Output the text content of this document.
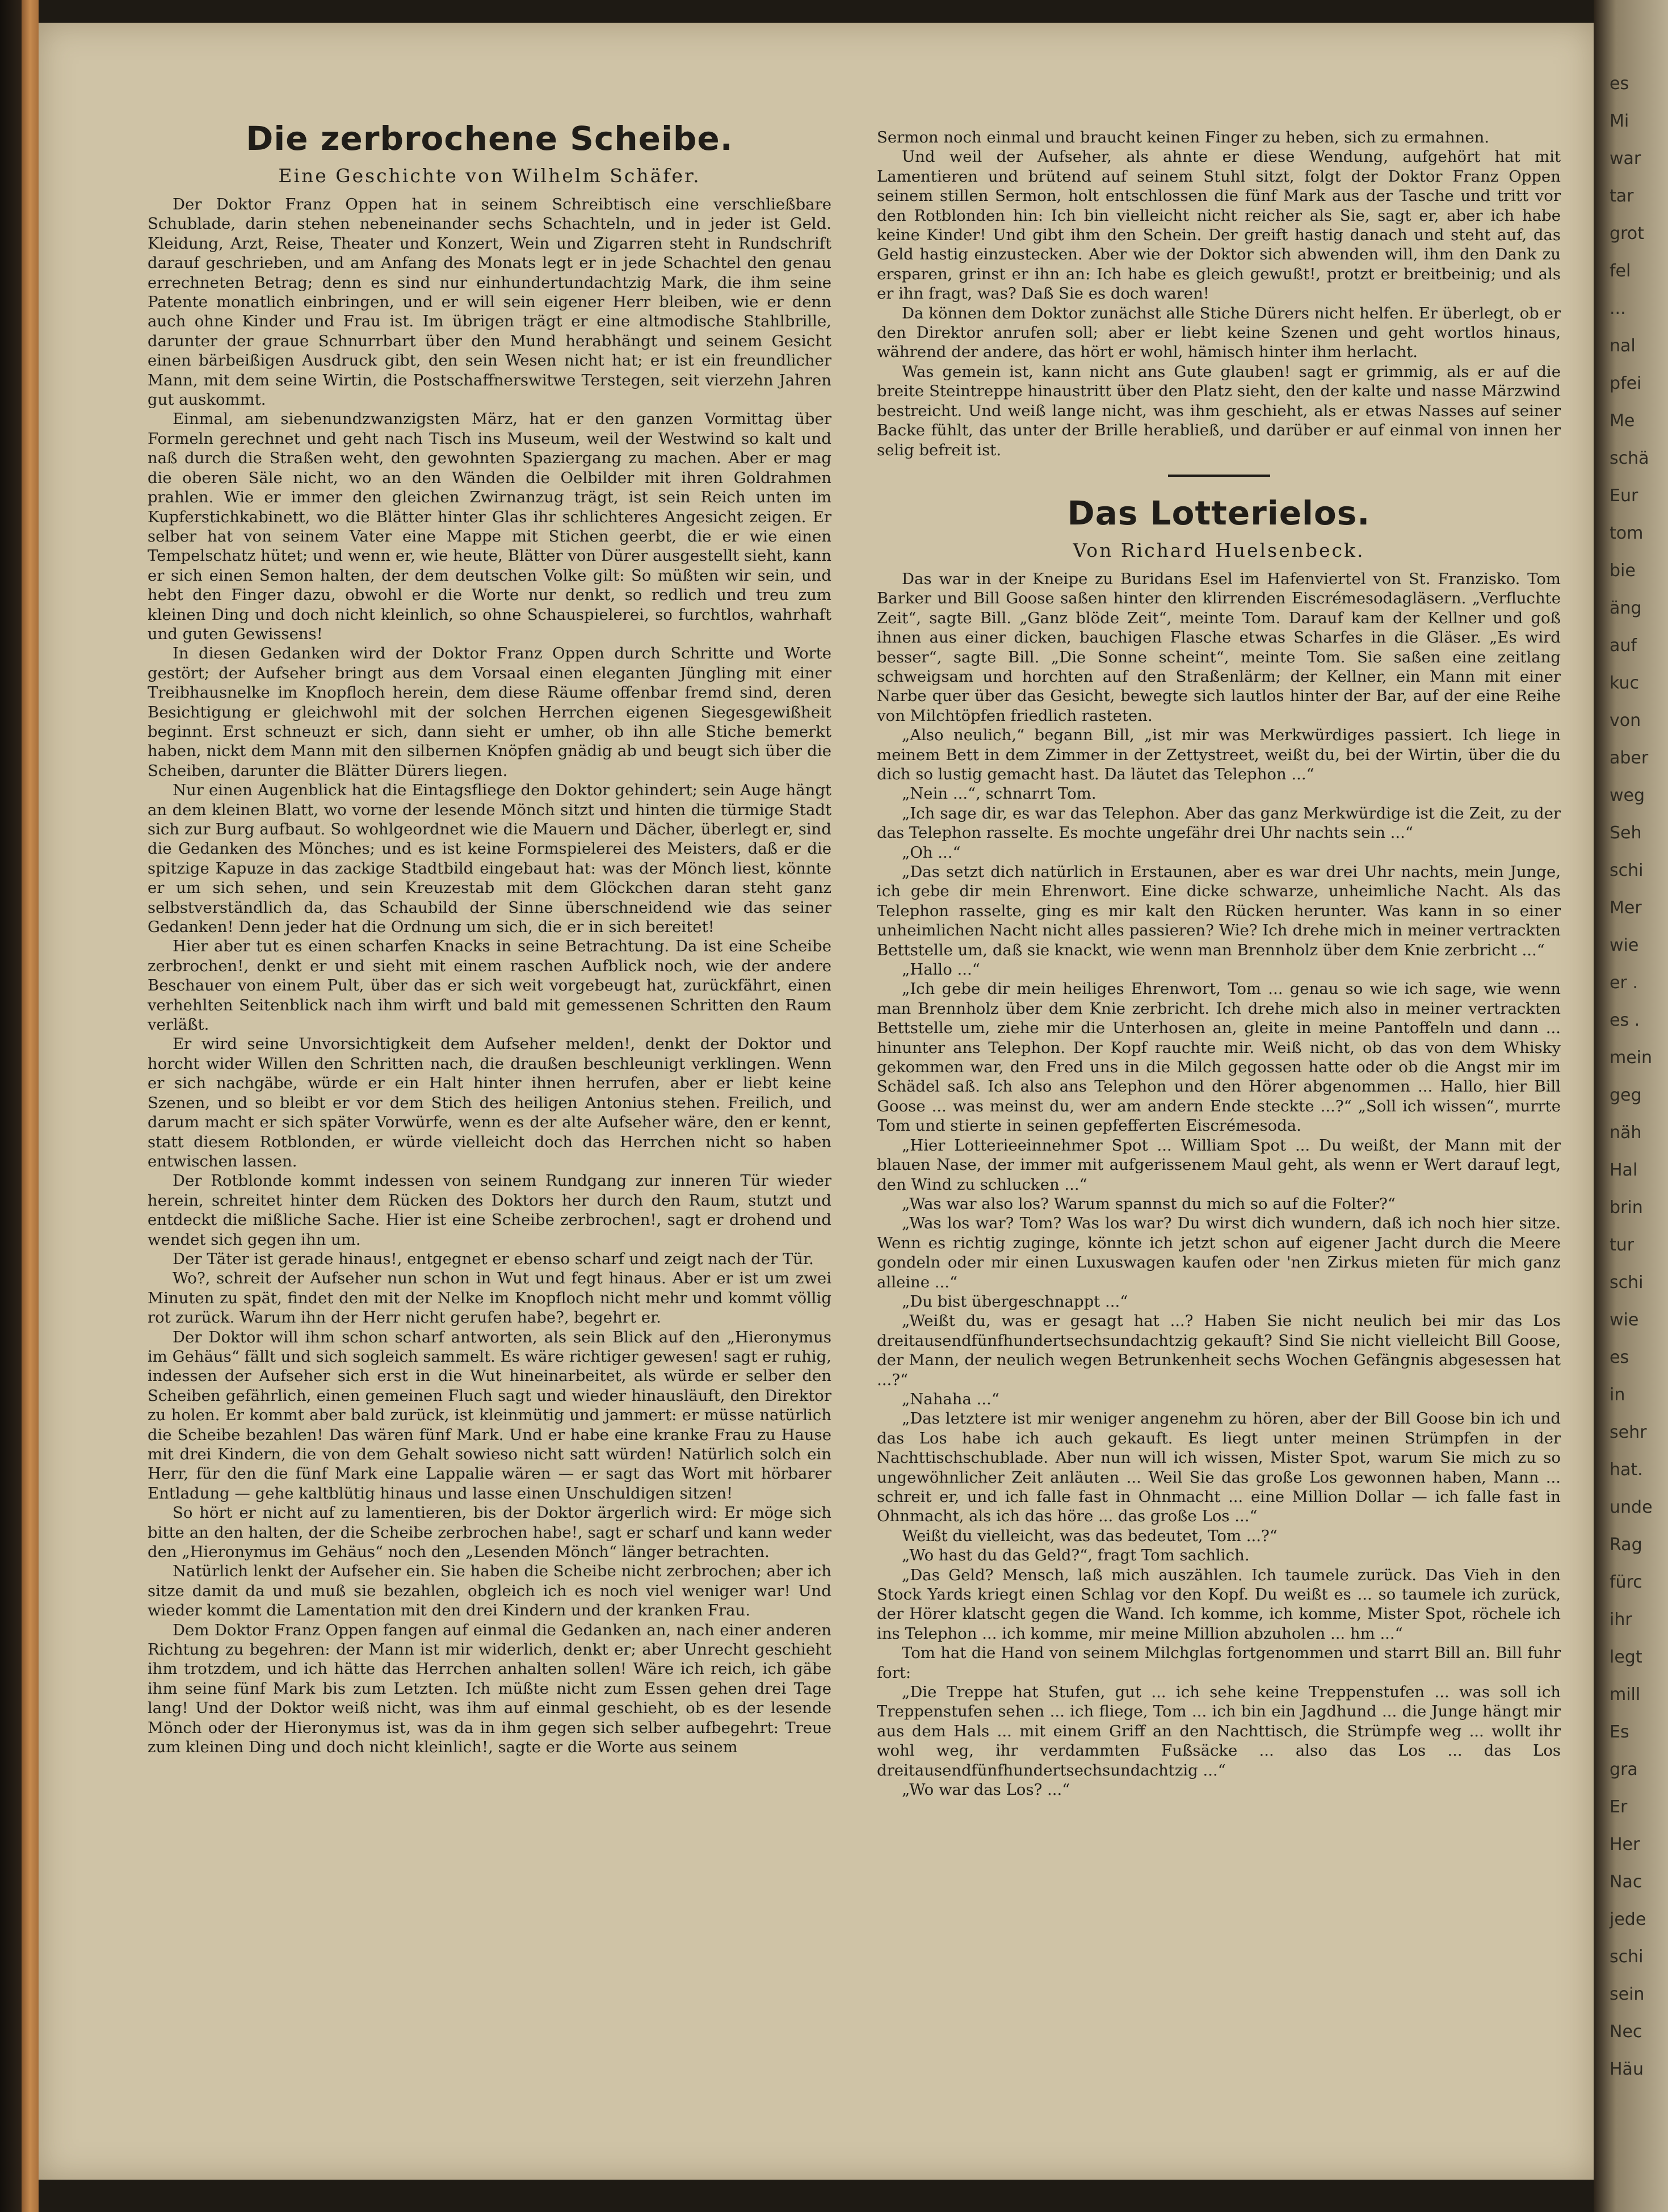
es
Mi
war
tar
grot
fel
...
nal
pfei
Me
schä
Eur
tom
bie
äng
auf
kuc
von
aber
weg
Seh
schi
Mer
wie
er .
es .
mein
geg
näh
Hal
brin
tur
schi
wie
es
in
sehr
hat.
unde
Rag
fürc
ihr
legt
mill
Es
gra
Er
Her
Nac
jede
schi
sein
Nec
Häu
Die zerbrochene Scheibe.
Eine Geschichte von Wilhelm Schäfer.

Der Doktor Franz Oppen hat in seinem Schreibtisch eine verschließbare Schublade, darin stehen nebeneinander sechs Schachteln, und in jeder ist Geld. Kleidung, Arzt, Reise, Theater und Konzert, Wein und Zigarren steht in Rundschrift darauf geschrieben, und am Anfang des Monats legt er in jede Schachtel den genau errechneten Betrag; denn es sind nur einhundertundachtzig Mark, die ihm seine Patente monatlich einbringen, und er will sein eigener Herr bleiben, wie er denn auch ohne Kinder und Frau ist. Im übrigen trägt er eine altmodische Stahlbrille, darunter der graue Schnurrbart über den Mund herabhängt und seinem Gesicht einen bärbeißigen Ausdruck gibt, den sein Wesen nicht hat; er ist ein freundlicher Mann, mit dem seine Wirtin, die Postschaffnerswitwe Terstegen, seit vierzehn Jahren gut auskommt.

Einmal, am siebenundzwanzigsten März, hat er den ganzen Vormittag über Formeln gerechnet und geht nach Tisch ins Museum, weil der Westwind so kalt und naß durch die Straßen weht, den gewohnten Spaziergang zu machen. Aber er mag die oberen Säle nicht, wo an den Wänden die Oelbilder mit ihren Goldrahmen prahlen. Wie er immer den gleichen Zwirnanzug trägt, ist sein Reich unten im Kupferstichkabinett, wo die Blätter hinter Glas ihr schlichteres Angesicht zeigen. Er selber hat von seinem Vater eine Mappe mit Stichen geerbt, die er wie einen Tempelschatz hütet; und wenn er, wie heute, Blätter von Dürer ausgestellt sieht, kann er sich einen Semon halten, der dem deutschen Volke gilt: So müßten wir sein, und hebt den Finger dazu, obwohl er die Worte nur denkt, so redlich und treu zum kleinen Ding und doch nicht kleinlich, so ohne Schauspielerei, so furchtlos, wahrhaft und guten Gewissens!

In diesen Gedanken wird der Doktor Franz Oppen durch Schritte und Worte gestört; der Aufseher bringt aus dem Vorsaal einen eleganten Jüngling mit einer Treibhausnelke im Knopfloch herein, dem diese Räume offenbar fremd sind, deren Besichtigung er gleichwohl mit der solchen Herrchen eigenen Siegesgewißheit beginnt. Erst schneuzt er sich, dann sieht er umher, ob ihn alle Stiche bemerkt haben, nickt dem Mann mit den silbernen Knöpfen gnädig ab und beugt sich über die Scheiben, darunter die Blätter Dürers liegen.

Nur einen Augenblick hat die Eintagsfliege den Doktor gehindert; sein Auge hängt an dem kleinen Blatt, wo vorne der lesende Mönch sitzt und hinten die türmige Stadt sich zur Burg aufbaut. So wohlgeordnet wie die Mauern und Dächer, überlegt er, sind die Gedanken des Mönches; und es ist keine Formspielerei des Meisters, daß er die spitzige Kapuze in das zackige Stadtbild eingebaut hat: was der Mönch liest, könnte er um sich sehen, und sein Kreuzestab mit dem Glöckchen daran steht ganz selbstverständlich da, das Schaubild der Sinne überschneidend wie das seiner Gedanken! Denn jeder hat die Ordnung um sich, die er in sich bereitet!

Hier aber tut es einen scharfen Knacks in seine Betrachtung. Da ist eine Scheibe zerbrochen!, denkt er und sieht mit einem raschen Aufblick noch, wie der andere Beschauer von einem Pult, über das er sich weit vorgebeugt hat, zurückfährt, einen verhehlten Seitenblick nach ihm wirft und bald mit gemessenen Schritten den Raum verläßt.

Er wird seine Unvorsichtigkeit dem Aufseher melden!, denkt der Doktor und horcht wider Willen den Schritten nach, die draußen beschleunigt verklingen. Wenn er sich nachgäbe, würde er ein Halt hinter ihnen herrufen, aber er liebt keine Szenen, und so bleibt er vor dem Stich des heiligen Antonius stehen. Freilich, und darum macht er sich später Vorwürfe, wenn es der alte Aufseher wäre, den er kennt, statt diesem Rotblonden, er würde vielleicht doch das Herrchen nicht so haben entwischen lassen.

Der Rotblonde kommt indessen von seinem Rundgang zur inneren Tür wieder herein, schreitet hinter dem Rücken des Doktors her durch den Raum, stutzt und entdeckt die mißliche Sache. Hier ist eine Scheibe zerbrochen!, sagt er drohend und wendet sich gegen ihn um.

Der Täter ist gerade hinaus!, entgegnet er ebenso scharf und zeigt nach der Tür.

Wo?, schreit der Aufseher nun schon in Wut und fegt hinaus. Aber er ist um zwei Minuten zu spät, findet den mit der Nelke im Knopfloch nicht mehr und kommt völlig rot zurück. Warum ihn der Herr nicht gerufen habe?, begehrt er.

Der Doktor will ihm schon scharf antworten, als sein Blick auf den „Hieronymus im Gehäus“ fällt und sich sogleich sammelt. Es wäre richtiger gewesen! sagt er ruhig, indessen der Aufseher sich erst in die Wut hineinarbeitet, als würde er selber den Scheiben gefährlich, einen gemeinen Fluch sagt und wieder hinausläuft, den Direktor zu holen. Er kommt aber bald zurück, ist kleinmütig und jammert: er müsse natürlich die Scheibe bezahlen! Das wären fünf Mark. Und er habe eine kranke Frau zu Hause mit drei Kindern, die von dem Gehalt sowieso nicht satt würden! Natürlich solch ein Herr, für den die fünf Mark eine Lappalie wären — er sagt das Wort mit hörbarer Entladung — gehe kaltblütig hinaus und lasse einen Unschuldigen sitzen!

So hört er nicht auf zu lamentieren, bis der Doktor ärgerlich wird: Er möge sich bitte an den halten, der die Scheibe zerbrochen habe!, sagt er scharf und kann weder den „Hieronymus im Gehäus“ noch den „Lesenden Mönch“ länger betrachten.

Natürlich lenkt der Aufseher ein. Sie haben die Scheibe nicht zerbrochen; aber ich sitze damit da und muß sie bezahlen, obgleich ich es noch viel weniger war! Und wieder kommt die Lamentation mit den drei Kindern und der kranken Frau.

Dem Doktor Franz Oppen fangen auf einmal die Gedanken an, nach einer anderen Richtung zu begehren: der Mann ist mir widerlich, denkt er; aber Unrecht geschieht ihm trotzdem, und ich hätte das Herrchen anhalten sollen! Wäre ich reich, ich gäbe ihm seine fünf Mark bis zum Letzten. Ich müßte nicht zum Essen gehen drei Tage lang! Und der Doktor weiß nicht, was ihm auf einmal geschieht, ob es der lesende Mönch oder der Hieronymus ist, was da in ihm gegen sich selber aufbegehrt: Treue zum kleinen Ding und doch nicht kleinlich!, sagte er die Worte aus seinem

Sermon noch einmal und braucht keinen Finger zu heben, sich zu ermahnen.

Und weil der Aufseher, als ahnte er diese Wendung, aufgehört hat mit Lamentieren und brütend auf seinem Stuhl sitzt, folgt der Doktor Franz Oppen seinem stillen Sermon, holt entschlossen die fünf Mark aus der Tasche und tritt vor den Rotblonden hin: Ich bin vielleicht nicht reicher als Sie, sagt er, aber ich habe keine Kinder! Und gibt ihm den Schein. Der greift hastig danach und steht auf, das Geld hastig einzustecken. Aber wie der Doktor sich abwenden will, ihm den Dank zu ersparen, grinst er ihn an: Ich habe es gleich gewußt!, protzt er breitbeinig; und als er ihn fragt, was? Daß Sie es doch waren!

Da können dem Doktor zunächst alle Stiche Dürers nicht helfen. Er überlegt, ob er den Direktor anrufen soll; aber er liebt keine Szenen und geht wortlos hinaus, während der andere, das hört er wohl, hämisch hinter ihm herlacht.

Was gemein ist, kann nicht ans Gute glauben! sagt er grimmig, als er auf die breite Steintreppe hinaustritt über den Platz sieht, den der kalte und nasse Märzwind bestreicht. Und weiß lange nicht, was ihm geschieht, als er etwas Nasses auf seiner Backe fühlt, das unter der Brille herabließ, und darüber er auf einmal von innen her selig befreit ist.

Das Lotterielos.
Von Richard Huelsenbeck.

Das war in der Kneipe zu Buridans Esel im Hafenviertel von St. Franzisko. Tom Barker und Bill Goose saßen hinter den klirrenden Eiscrémesodagläsern. „Verfluchte Zeit“, sagte Bill. „Ganz blöde Zeit“, meinte Tom. Darauf kam der Kellner und goß ihnen aus einer dicken, bauchigen Flasche etwas Scharfes in die Gläser. „Es wird besser“, sagte Bill. „Die Sonne scheint“, meinte Tom. Sie saßen eine zeitlang schweigsam und horchten auf den Straßenlärm; der Kellner, ein Mann mit einer Narbe quer über das Gesicht, bewegte sich lautlos hinter der Bar, auf der eine Reihe von Milchtöpfen friedlich rasteten.

„Also neulich,“ begann Bill, „ist mir was Merkwürdiges passiert. Ich liege in meinem Bett in dem Zimmer in der Zettystreet, weißt du, bei der Wirtin, über die du dich so lustig gemacht hast. Da läutet das Telephon ...“

„Nein ...“, schnarrt Tom.

„Ich sage dir, es war das Telephon. Aber das ganz Merkwürdige ist die Zeit, zu der das Telephon rasselte. Es mochte ungefähr drei Uhr nachts sein ...“

„Oh ...“

„Das setzt dich natürlich in Erstaunen, aber es war drei Uhr nachts, mein Junge, ich gebe dir mein Ehrenwort. Eine dicke schwarze, unheimliche Nacht. Als das Telephon rasselte, ging es mir kalt den Rücken herunter. Was kann in so einer unheimlichen Nacht nicht alles passieren? Wie? Ich drehe mich in meiner vertrackten Bettstelle um, daß sie knackt, wie wenn man Brennholz über dem Knie zerbricht ...“

„Hallo ...“

„Ich gebe dir mein heiliges Ehrenwort, Tom ... genau so wie ich sage, wie wenn man Brennholz über dem Knie zerbricht. Ich drehe mich also in meiner vertrackten Bettstelle um, ziehe mir die Unterhosen an, gleite in meine Pantoffeln und dann ... hinunter ans Telephon. Der Kopf rauchte mir. Weiß nicht, ob das von dem Whisky gekommen war, den Fred uns in die Milch gegossen hatte oder ob die Angst mir im Schädel saß. Ich also ans Telephon und den Hörer abgenommen ... Hallo, hier Bill Goose ... was meinst du, wer am andern Ende steckte ...?“ „Soll ich wissen“, murrte Tom und stierte in seinen gepfefferten Eiscrémesoda.

„Hier Lotterieeinnehmer Spot ... William Spot ... Du weißt, der Mann mit der blauen Nase, der immer mit aufgerissenem Maul geht, als wenn er Wert darauf legt, den Wind zu schlucken ...“

„Was war also los? Warum spannst du mich so auf die Folter?“

„Was los war? Tom? Was los war? Du wirst dich wundern, daß ich noch hier sitze. Wenn es richtig zuginge, könnte ich jetzt schon auf eigener Jacht durch die Meere gondeln oder mir einen Luxuswagen kaufen oder 'nen Zirkus mieten für mich ganz alleine ...“

„Du bist übergeschnappt ...“

„Weißt du, was er gesagt hat ...? Haben Sie nicht neulich bei mir das Los dreitausendfünfhundertsechsundachtzig gekauft? Sind Sie nicht vielleicht Bill Goose, der Mann, der neulich wegen Betrunkenheit sechs Wochen Gefängnis abgesessen hat ...?“

„Nahaha ...“

„Das letztere ist mir weniger angenehm zu hören, aber der Bill Goose bin ich und das Los habe ich auch gekauft. Es liegt unter meinen Strümpfen in der Nachttischschublade. Aber nun will ich wissen, Mister Spot, warum Sie mich zu so ungewöhnlicher Zeit anläuten ... Weil Sie das große Los gewonnen haben, Mann ... schreit er, und ich falle fast in Ohnmacht ... eine Million Dollar — ich falle fast in Ohnmacht, als ich das höre ... das große Los ...“

Weißt du vielleicht, was das bedeutet, Tom ...?“

„Wo hast du das Geld?“, fragt Tom sachlich.

„Das Geld? Mensch, laß mich auszählen. Ich taumele zurück. Das Vieh in den Stock Yards kriegt einen Schlag vor den Kopf. Du weißt es ... so taumele ich zurück, der Hörer klatscht gegen die Wand. Ich komme, ich komme, Mister Spot, röchele ich ins Telephon ... ich komme, mir meine Million abzuholen ... hm ...“

Tom hat die Hand von seinem Milchglas fortgenommen und starrt Bill an. Bill fuhr fort:

„Die Treppe hat Stufen, gut ... ich sehe keine Treppenstufen ... was soll ich Treppenstufen sehen ... ich fliege, Tom ... ich bin ein Jagdhund ... die Junge hängt mir aus dem Hals ... mit einem Griff an den Nachttisch, die Strümpfe weg ... wollt ihr wohl weg, ihr verdammten Fußsäcke ... also das Los ... das Los dreitausendfünfhundertsechsundachtzig ...“

„Wo war das Los? ...“
